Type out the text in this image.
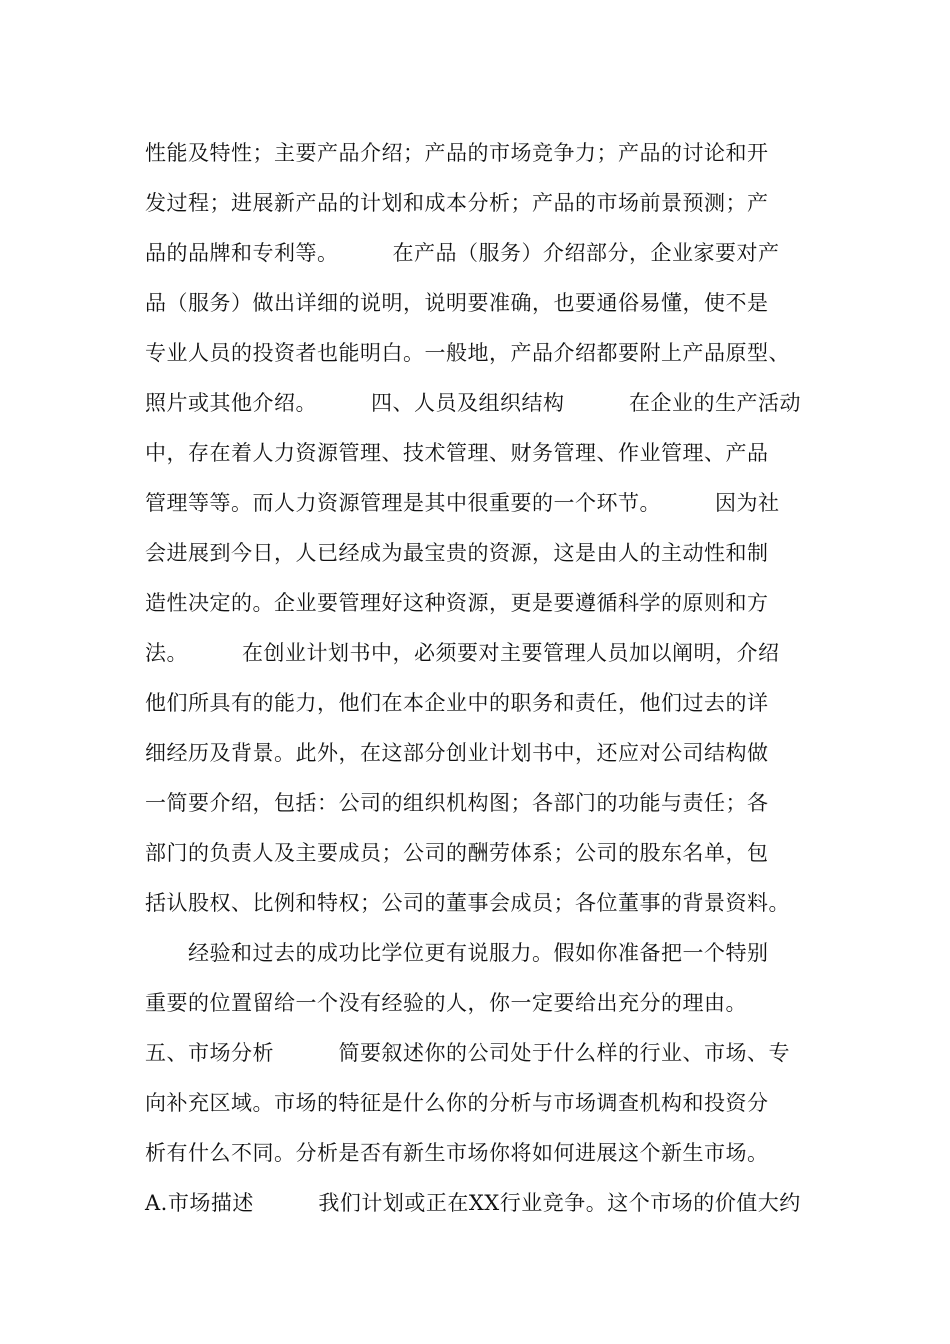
性能及特性；主要产品介绍；产品的市场竞争力；产品的讨论和开
发过程；进展新产品的计划和成本分析；产品的市场前景预测；产
品的品牌和专利等。　　　在产品（服务）介绍部分，企业家要对产
品（服务）做出详细的说明，说明要准确，也要通俗易懂，使不是
专业人员的投资者也能明白。一般地，产品介绍都要附上产品原型、
照片或其他介绍。　　　四、人员及组织结构　　　在企业的生产活动
中，存在着人力资源管理、技术管理、财务管理、作业管理、产品
管理等等。而人力资源管理是其中很重要的一个环节。　　　因为社
会进展到今日，人已经成为最宝贵的资源，这是由人的主动性和制
造性决定的。企业要管理好这种资源，更是要遵循科学的原则和方
法。　　　在创业计划书中，必须要对主要管理人员加以阐明，介绍
他们所具有的能力，他们在本企业中的职务和责任，他们过去的详
细经历及背景。此外，在这部分创业计划书中，还应对公司结构做
一简要介绍，包括：公司的组织机构图；各部门的功能与责任；各
部门的负责人及主要成员；公司的酬劳体系；公司的股东名单，包
括认股权、比例和特权；公司的董事会成员；各位董事的背景资料。
　　经验和过去的成功比学位更有说服力。假如你准备把一个特别
重要的位置留给一个没有经验的人，你一定要给出充分的理由。
五、市场分析　　　简要叙述你的公司处于什么样的行业、市场、专
向补充区域。市场的特征是什么你的分析与市场调查机构和投资分
析有什么不同。分析是否有新生市场你将如何进展这个新生市场。
A.市场描述　　　我们计划或正在XX行业竞争。这个市场的价值大约
